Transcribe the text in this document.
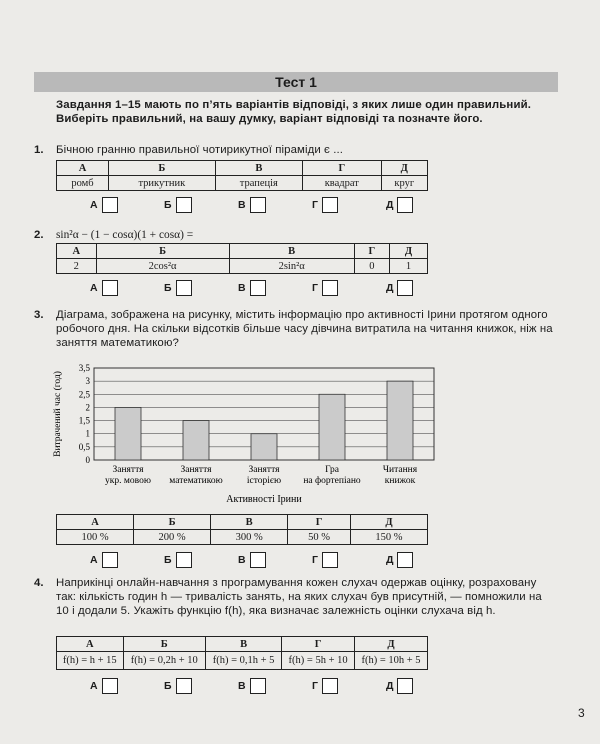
Тест 1
Завдання 1–15 мають по п’ять варіантів відповіді, з яких лише один правильний. Виберіть правильний, на вашу думку, варіант відповіді та позначте його.
1. Бічною гранню правильної чотирикутної піраміди є ...
А	Б	В	Г	Д
ромб	трикутник	трапеція	квадрат	круг
А	Б	В	Г	Д
2. sin²α − (1 − cosα)(1 + cosα) =
А	Б	В	Г	Д
2	2cos²α	2sin²α	0	1
А	Б	В	Г	Д
3. Діаграма, зображена на рисунку, містить інформацію про активності Ірини протягом одного робочого дня. На скільки відсотків більше часу дівчина витратила на читання книжок, ніж на заняття математикою?
0
0,5
1
1,5
2
2,5
3
3,5
Заняття укр. мовою
Заняття математикою
Заняття історією
Гра на фортепіано
Читання книжок
Витрачений час (год)
Активності Ірини
А	Б	В	Г	Д
100 %	200 %	300 %	50 %	150 %
А	Б	В	Г	Д
4. Наприкінці онлайн-навчання з програмування кожен слухач одержав оцінку, розраховану так: кількість годин h — тривалість занять, на яких слухач був присутній, — помножили на 10 і додали 5. Укажіть функцію f(h), яка визначає залежність оцінки слухача від h.
А	Б	В	Г	Д
f(h) = h + 15	f(h) = 0,2h + 10	f(h) = 0,1h + 5	f(h) = 5h + 10	f(h) = 10h + 5
А	Б	В	Г	Д
3
